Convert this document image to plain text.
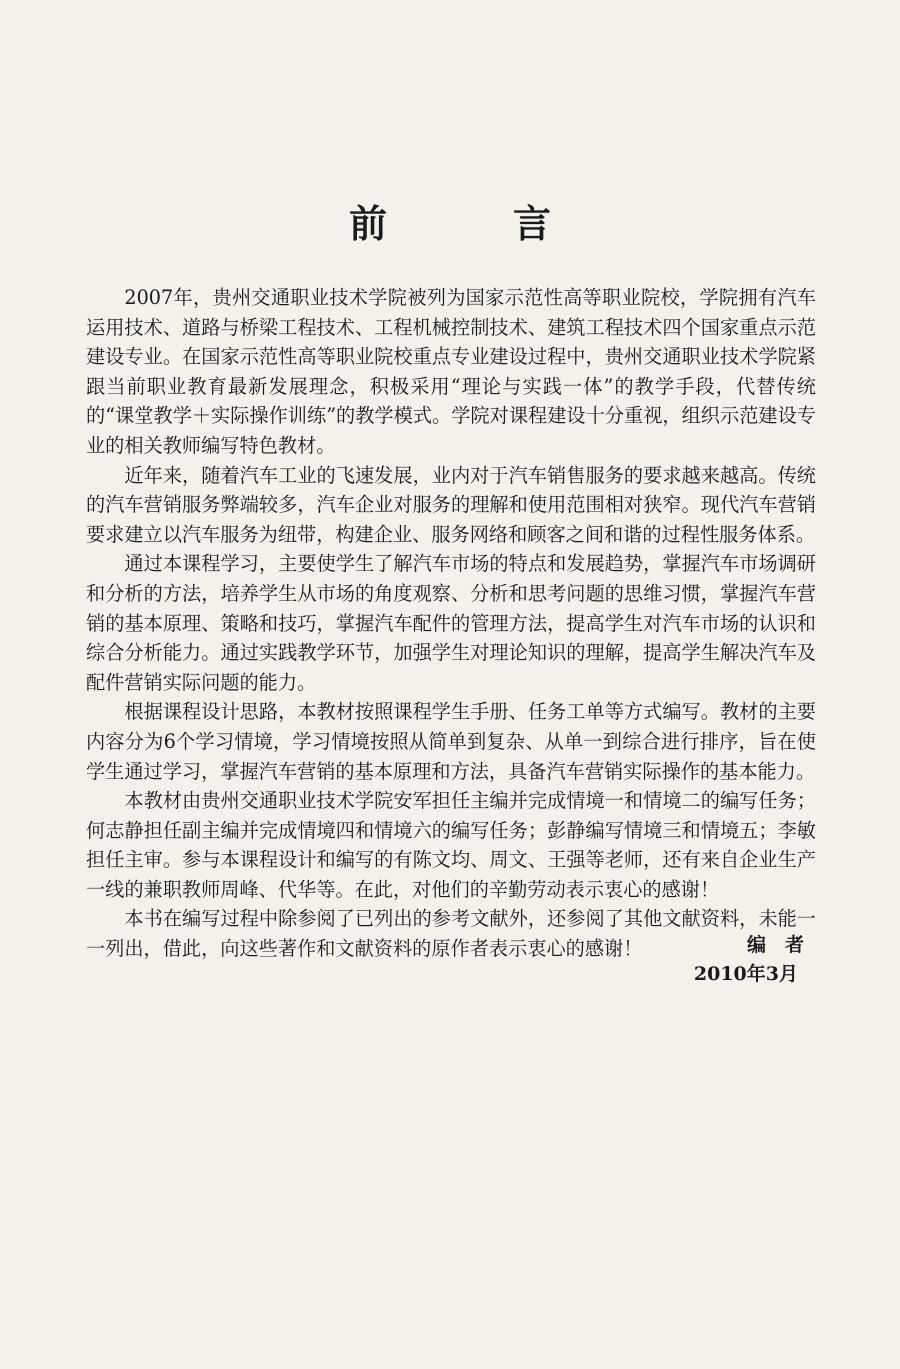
前　言

2007年，贵州交通职业技术学院被列为国家示范性高等职业院校，学院拥有汽车运用技术、道路与桥梁工程技术、工程机械控制技术、建筑工程技术四个国家重点示范建设专业。在国家示范性高等职业院校重点专业建设过程中，贵州交通职业技术学院紧跟当前职业教育最新发展理念，积极采用“理论与实践一体”的教学手段，代替传统的“课堂教学＋实际操作训练”的教学模式。学院对课程建设十分重视，组织示范建设专业的相关教师编写特色教材。

近年来，随着汽车工业的飞速发展，业内对于汽车销售服务的要求越来越高。传统的汽车营销服务弊端较多，汽车企业对服务的理解和使用范围相对狭窄。现代汽车营销要求建立以汽车服务为纽带，构建企业、服务网络和顾客之间和谐的过程性服务体系。

通过本课程学习，主要使学生了解汽车市场的特点和发展趋势，掌握汽车市场调研和分析的方法，培养学生从市场的角度观察、分析和思考问题的思维习惯，掌握汽车营销的基本原理、策略和技巧，掌握汽车配件的管理方法，提高学生对汽车市场的认识和综合分析能力。通过实践教学环节，加强学生对理论知识的理解，提高学生解决汽车及配件营销实际问题的能力。

根据课程设计思路，本教材按照课程学生手册、任务工单等方式编写。教材的主要内容分为6个学习情境，学习情境按照从简单到复杂、从单一到综合进行排序，旨在使学生通过学习，掌握汽车营销的基本原理和方法，具备汽车营销实际操作的基本能力。

本教材由贵州交通职业技术学院安军担任主编并完成情境一和情境二的编写任务；何志静担任副主编并完成情境四和情境六的编写任务；彭静编写情境三和情境五；李敏担任主审。参与本课程设计和编写的有陈文均、周文、王强等老师，还有来自企业生产一线的兼职教师周峰、代华等。在此，对他们的辛勤劳动表示衷心的感谢！

本书在编写过程中除参阅了已列出的参考文献外，还参阅了其他文献资料，未能一一列出，借此，向这些著作和文献资料的原作者表示衷心的感谢！	编　者
2010年3月
